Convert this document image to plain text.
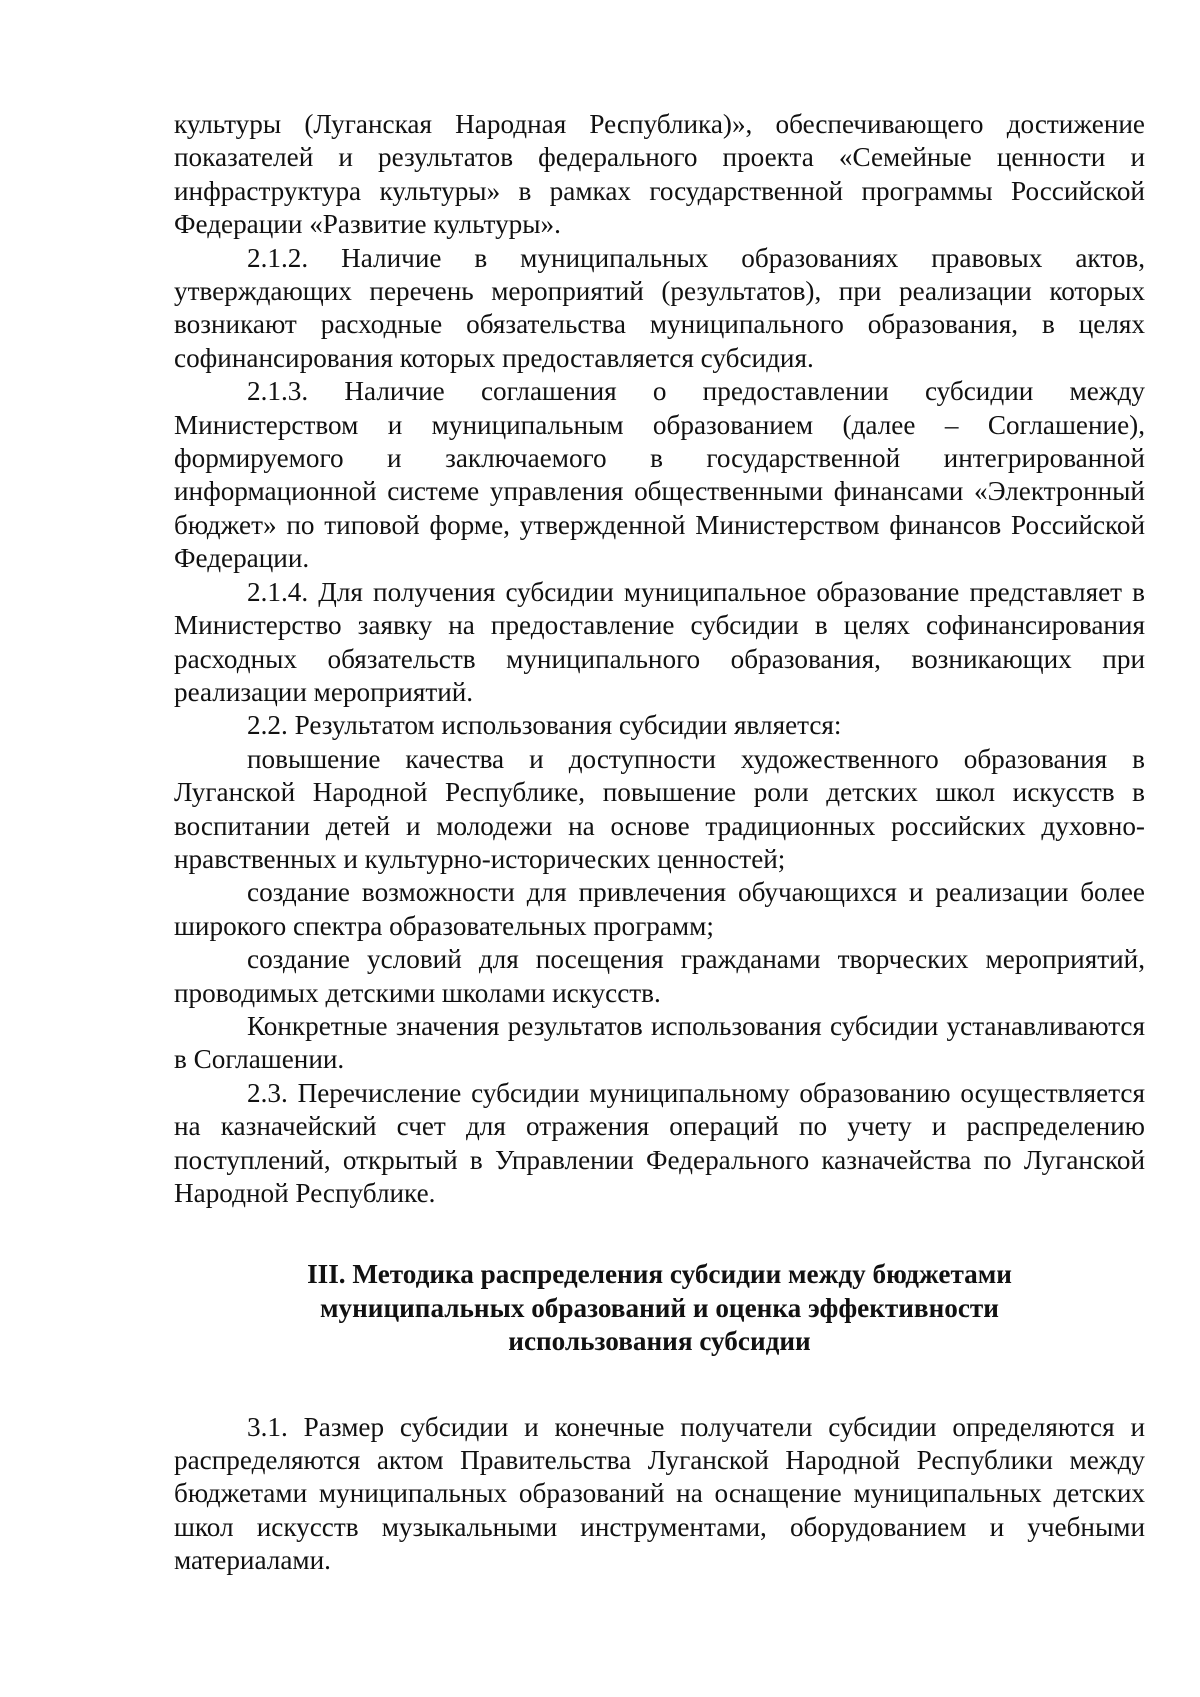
культуры (Луганская Народная Республика)», обеспечивающего достижение показателей и результатов федерального проекта «Семейные ценности и инфраструктура культуры» в рамках государственной программы Российской Федерации «Развитие культуры».

2.1.2. Наличие в муниципальных образованиях правовых актов, утверждающих перечень мероприятий (результатов), при реализации которых возникают расходные обязательства муниципального образования, в целях софинансирования которых предоставляется субсидия.

2.1.3. Наличие соглашения о предоставлении субсидии между Министерством и муниципальным образованием (далее – Соглашение), формируемого и заключаемого в государственной интегрированной информационной системе управления общественными финансами «Электронный бюджет» по типовой форме, утвержденной Министерством финансов Российской Федерации.

2.1.4. Для получения субсидии муниципальное образование представляет в Министерство заявку на предоставление субсидии в целях софинансирования расходных обязательств муниципального образования, возникающих при реализации мероприятий.

2.2. Результатом использования субсидии является:

повышение качества и доступности художественного образования в Луганской Народной Республике, повышение роли детских школ искусств в воспитании детей и молодежи на основе традиционных российских духовно-нравственных и культурно-исторических ценностей;

создание возможности для привлечения обучающихся и реализации более широкого спектра образовательных программ;

создание условий для посещения гражданами творческих мероприятий, проводимых детскими школами искусств.

Конкретные значения результатов использования субсидии устанавливаются в Соглашении.

2.3. Перечисление субсидии муниципальному образованию осуществляется на казначейский счет для отражения операций по учету и распределению поступлений, открытый в Управлении Федерального казначейства по Луганской Народной Республике.

III. Методика распределения субсидии между бюджетами
муниципальных образований и оценка эффективности
использования субсидии

3.1. Размер субсидии и конечные получатели субсидии определяются и распределяются актом Правительства Луганской Народной Республики между бюджетами муниципальных образований на оснащение муниципальных детских школ искусств музыкальными инструментами, оборудованием и учебными материалами.
